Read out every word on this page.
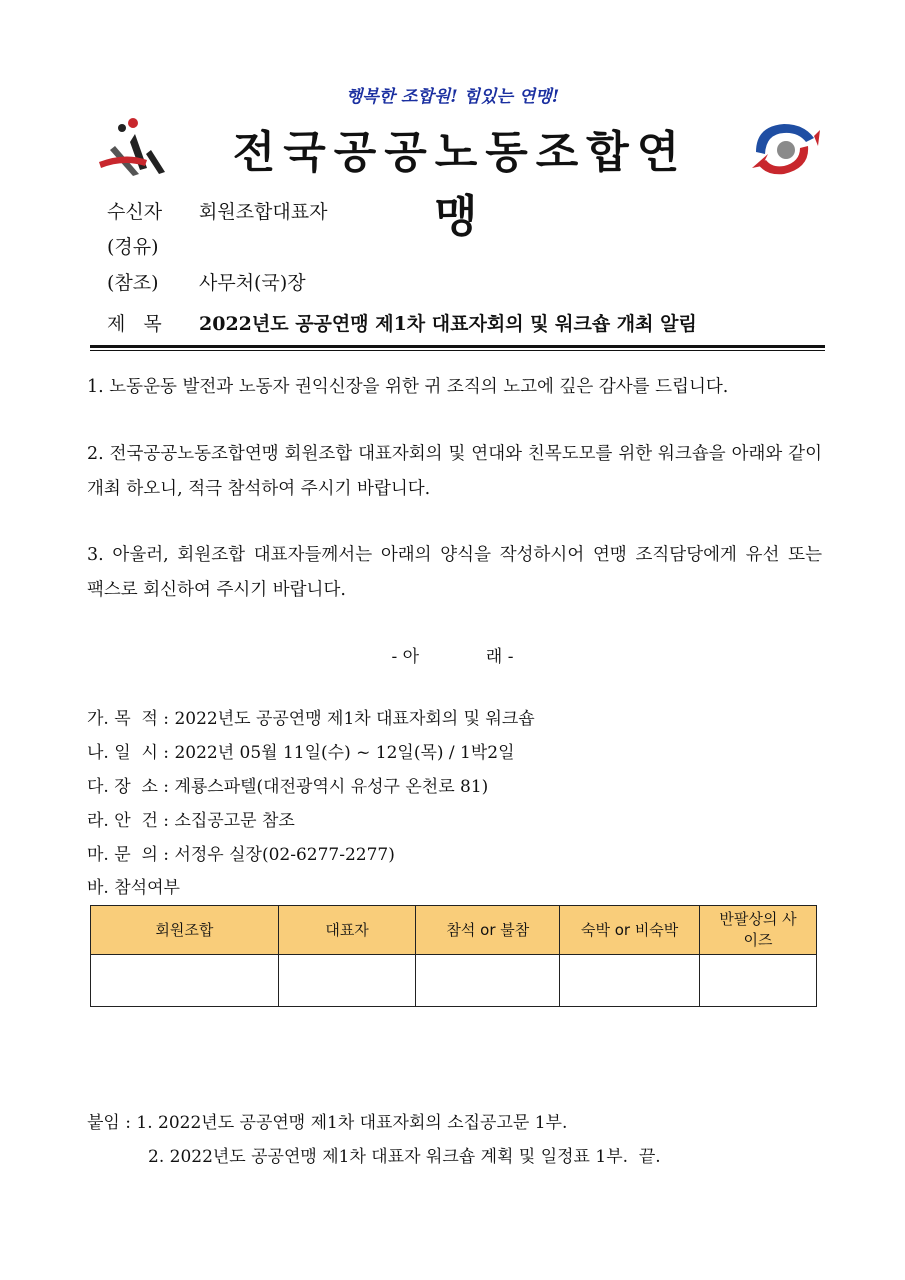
행복한 조합원! 힘있는 연맹!
전국공공노동조합연맹
수신자	회원조합대표자
(경유)
(참조)	사무처(국)장
제 목	2022년도 공공연맹 제1차 대표자회의 및 워크숍 개최 알림
1. 노동운동 발전과 노동자 권익신장을 위한 귀 조직의 노고에 깊은 감사를 드립니다.
2. 전국공공노동조합연맹 회원조합 대표자회의 및 연대와 친목도모를 위한 워크숍을 아래와 같이 개최 하오니, 적극 참석하여 주시기 바랍니다.
3. 아울러, 회원조합 대표자들께서는 아래의 양식을 작성하시어 연맹 조직담당에게 유선 또는 팩스로 회신하여 주시기 바랍니다.
- 아	래 -
가. 목  적 : 2022년도 공공연맹 제1차 대표자회의 및 워크숍
나. 일  시 : 2022년 05월 11일(수) ~ 12일(목) / 1박2일
다. 장  소 : 계룡스파텔(대전광역시 유성구 온천로 81)
라. 안  건 : 소집공고문 참조
마. 문  의 : 서정우 실장(02-6277-2277)
바. 참석여부
회원조합	대표자	참석 or 불참	숙박 or 비숙박	반팔상의 사이즈

붙임 : 1. 2022년도 공공연맹 제1차 대표자회의 소집공고문 1부.
2. 2022년도 공공연맹 제1차 대표자 워크숍 계획 및 일정표 1부.  끝.
